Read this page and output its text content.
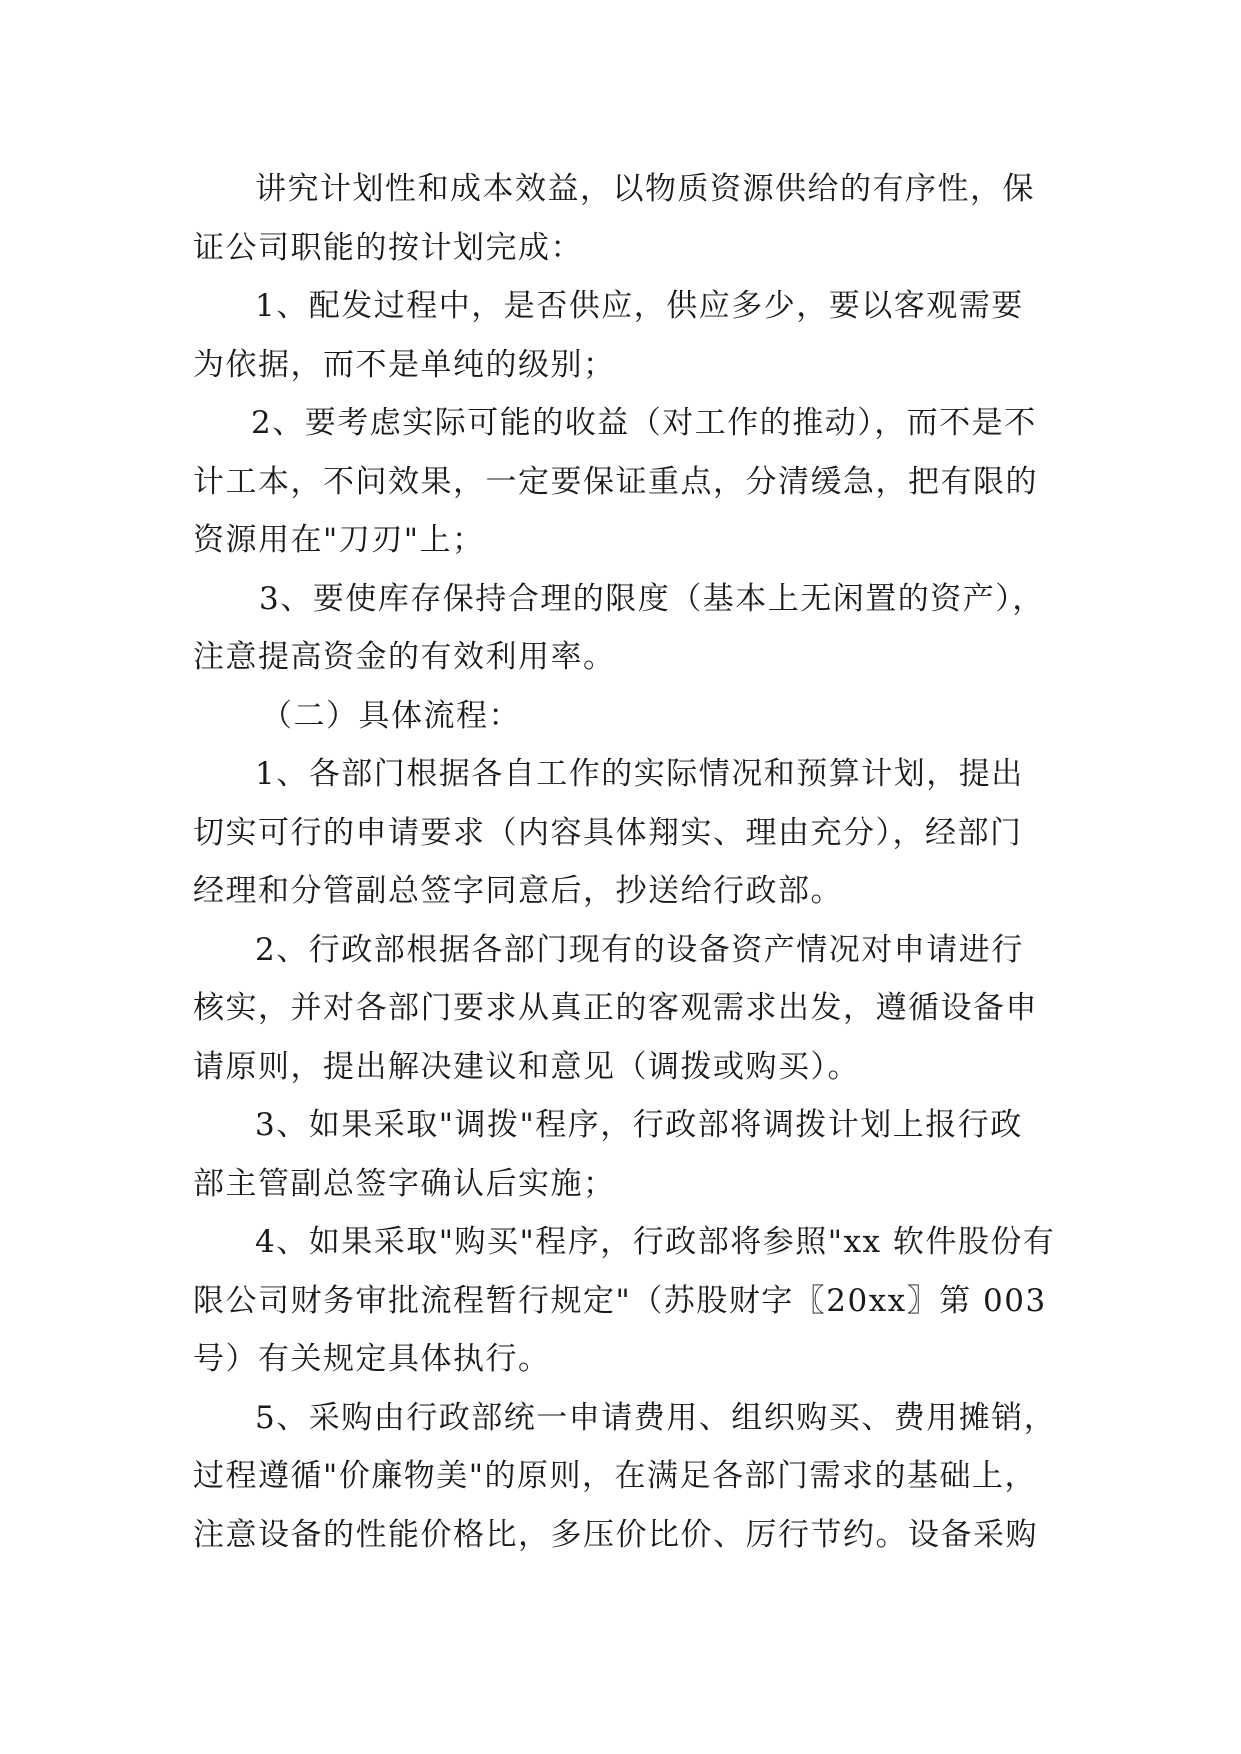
讲究计划性和成本效益，以物质资源供给的有序性，保
证公司职能的按计划完成：
1、配发过程中，是否供应，供应多少，要以客观需要
为依据，而不是单纯的级别；
2、要考虑实际可能的收益（对工作的推动），而不是不
计工本，不问效果，一定要保证重点，分清缓急，把有限的
资源用在"刀刃"上；
3、要使库存保持合理的限度（基本上无闲置的资产），
注意提高资金的有效利用率。
（二）具体流程：
1、各部门根据各自工作的实际情况和预算计划，提出
切实可行的申请要求（内容具体翔实、理由充分），经部门
经理和分管副总签字同意后，抄送给行政部。
2、行政部根据各部门现有的设备资产情况对申请进行
核实，并对各部门要求从真正的客观需求出发，遵循设备申
请原则，提出解决建议和意见（调拨或购买）。
3、如果采取"调拨"程序，行政部将调拨计划上报行政
部主管副总签字确认后实施；
4、如果采取"购买"程序，行政部将参照"xx 软件股份有
限公司财务审批流程暂行规定"（苏股财字〖20xx〗第 003
号）有关规定具体执行。
5、采购由行政部统一申请费用、组织购买、费用摊销，
过程遵循"价廉物美"的原则，在满足各部门需求的基础上，
注意设备的性能价格比，多压价比价、厉行节约。设备采购
